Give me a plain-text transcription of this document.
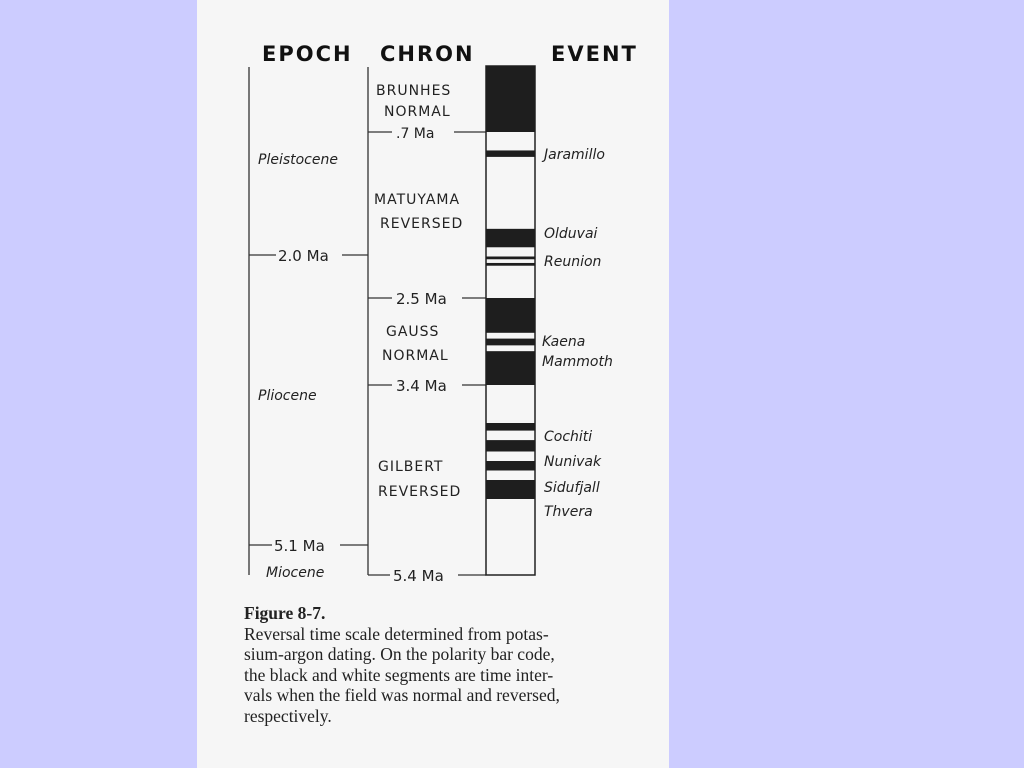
EPOCH CHRON	EVENT
2.0 Ma
5.1 Ma
Pleistocene
Pliocene
Miocene
.7 Ma
2.5 Ma
3.4 Ma
5.4 Ma
BRUNHES
NORMAL
MATUYAMA
REVERSED
GAUSS
NORMAL
GILBERT
REVERSED
Jaramillo
Olduvai
Reunion
Kaena
Mammoth
Cochiti
Nunivak
Sidufjall
Thvera
Figure 8-7.
Reversal time scale determined from potas-
sium-argon dating. On the polarity bar code,
the black and white segments are time inter-
vals when the field was normal and reversed,
respectively.
